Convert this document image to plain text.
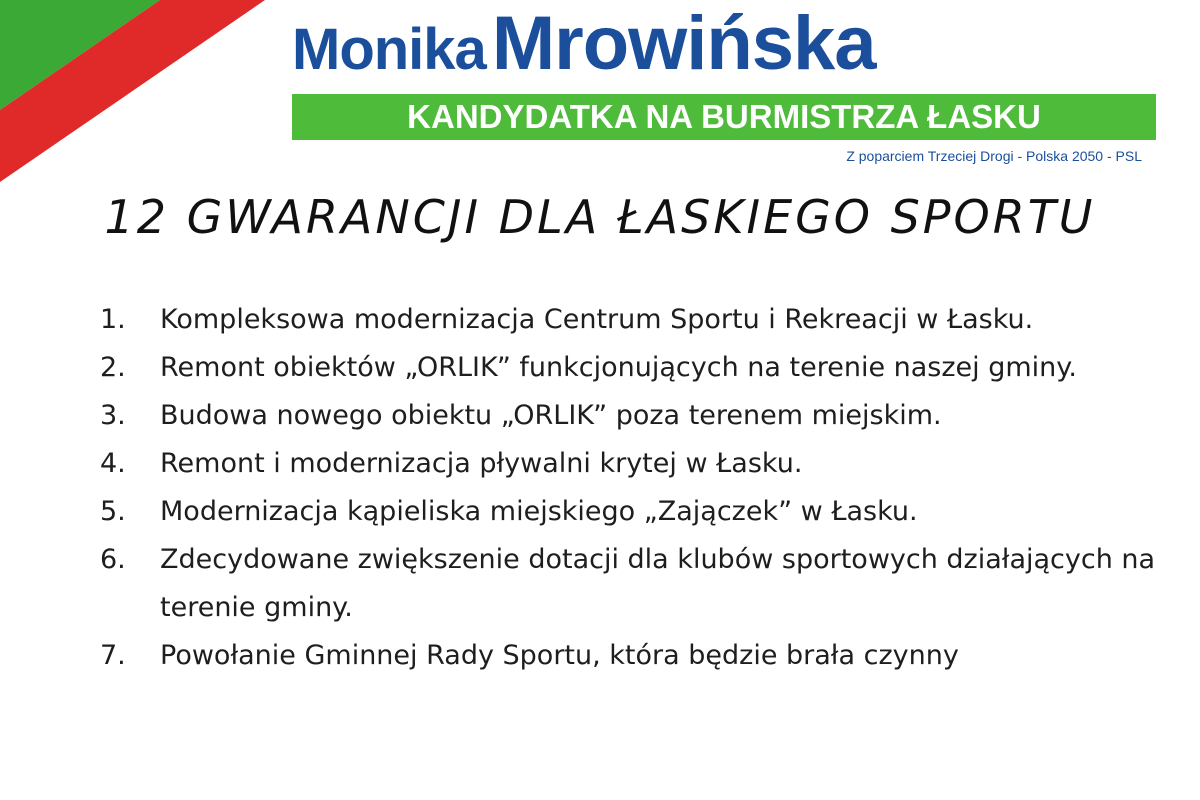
MonikaMrowińska
KANDYDATKA NA BURMISTRZA ŁASKU
Z poparciem Trzeciej Drogi - Polska 2050 - PSL
12 GWARANCJI DLA ŁASKIEGO SPORTU
1.	Kompleksowa modernizacja Centrum Sportu i Rekreacji w Łasku.
2.	Remont obiektów „ORLIK” funkcjonujących na terenie naszej gminy.
3.	Budowa nowego obiektu „ORLIK” poza terenem miejskim.
4.	Remont i modernizacja pływalni krytej w Łasku.
5.	Modernizacja kąpieliska miejskiego „Zajączek” w Łasku.
6.	Zdecydowane zwiększenie dotacji dla klubów sportowych działających na terenie gminy.
7.	Powołanie Gminnej Rady Sportu, która będzie brała czynny
